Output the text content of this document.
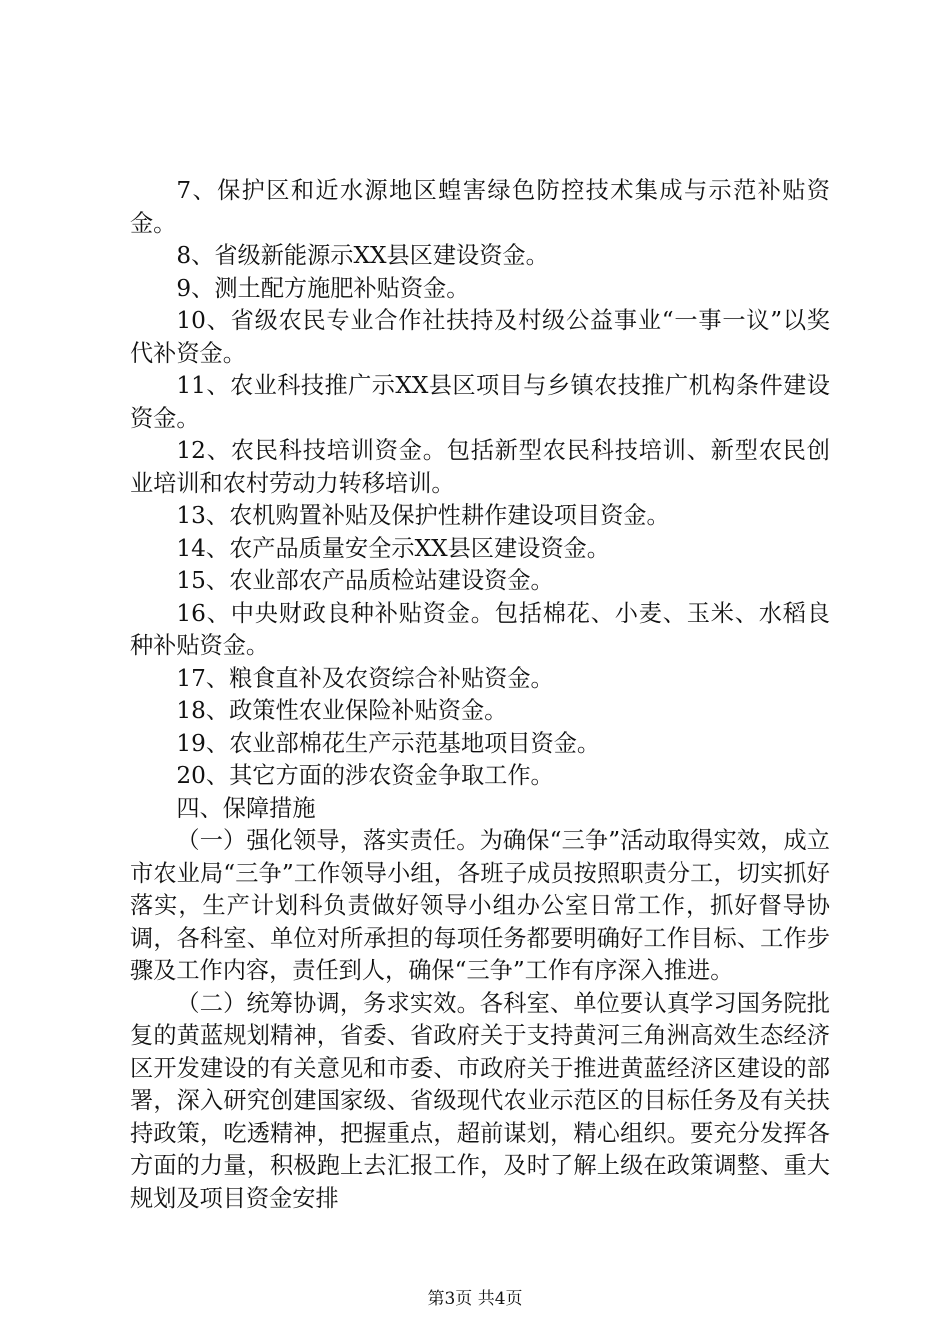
7、保护区和近水源地区蝗害绿色防控技术集成与示范补贴资金。

8、省级新能源示XX县区建设资金。

9、测土配方施肥补贴资金。

10、省级农民专业合作社扶持及村级公益事业“一事一议”以奖代补资金。

11、农业科技推广示XX县区项目与乡镇农技推广机构条件建设资金。

12、农民科技培训资金。包括新型农民科技培训、新型农民创业培训和农村劳动力转移培训。

13、农机购置补贴及保护性耕作建设项目资金。

14、农产品质量安全示XX县区建设资金。

15、农业部农产品质检站建设资金。

16、中央财政良种补贴资金。包括棉花、小麦、玉米、水稻良种补贴资金。

17、粮食直补及农资综合补贴资金。

18、政策性农业保险补贴资金。

19、农业部棉花生产示范基地项目资金。

20、其它方面的涉农资金争取工作。

四、保障措施

（一）强化领导，落实责任。为确保“三争”活动取得实效，成立市农业局“三争”工作领导小组，各班子成员按照职责分工，切实抓好落实，生产计划科负责做好领导小组办公室日常工作，抓好督导协调，各科室、单位对所承担的每项任务都要明确好工作目标、工作步骤及工作内容，责任到人，确保“三争”工作有序深入推进。

（二）统筹协调，务求实效。各科室、单位要认真学习国务院批复的黄蓝规划精神，省委、省政府关于支持黄河三角洲高效生态经济区开发建设的有关意见和市委、市政府关于推进黄蓝经济区建设的部署，深入研究创建国家级、省级现代农业示范区的目标任务及有关扶持政策，吃透精神，把握重点，超前谋划，精心组织。要充分发挥各方面的力量，积极跑上去汇报工作，及时了解上级在政策调整、重大规划及项目资金安排

第3页 共4页
